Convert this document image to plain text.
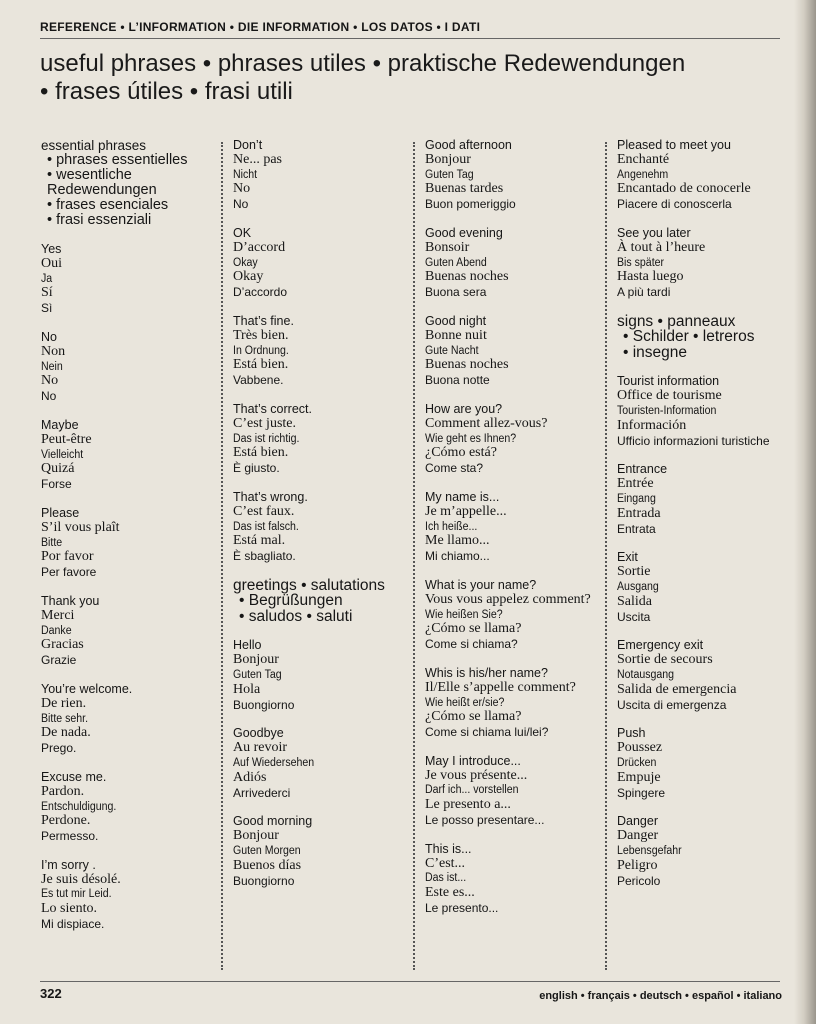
REFERENCE • L’INFORMATION • DIE INFORMATION • LOS DATOS • I DATI
useful phrases • phrases utiles • praktische Redewendungen
• frases útiles • frasi utili
essential phrases
• phrases essentielles
• wesentliche
Redewendungen
• frases esenciales
• frasi essenziali
Yes
Oui
Ja
Sí
Sì
No
Non
Nein
No
No
Maybe
Peut-être
Vielleicht
Quizá
Forse
Please
S’il vous plaît
Bitte
Por favor
Per favore
Thank you
Merci
Danke
Gracias
Grazie
You’re welcome.
De rien.
Bitte sehr.
De nada.
Prego.
Excuse me.
Pardon.
Entschuldigung.
Perdone.
Permesso.
I’m sorry .
Je suis désolé.
Es tut mir Leid.
Lo siento.
Mi dispiace.
Don’t
Ne... pas
Nicht
No
No
OK
D’accord
Okay
Okay
D’accordo
That’s fine.
Très bien.
In Ordnung.
Está bien.
Vabbene.
That’s correct.
C’est juste.
Das ist richtig.
Está bien.
È giusto.
That’s wrong.
C’est faux.
Das ist falsch.
Está mal.
È sbagliato.
greetings • salutations
• Begrüßungen
• saludos • saluti
Hello
Bonjour
Guten Tag
Hola
Buongiorno
Goodbye
Au revoir
Auf Wiedersehen
Adiós
Arrivederci
Good morning
Bonjour
Guten Morgen
Buenos días
Buongiorno
Good afternoon
Bonjour
Guten Tag
Buenas tardes
Buon pomeriggio
Good evening
Bonsoir
Guten Abend
Buenas noches
Buona sera
Good night
Bonne nuit
Gute Nacht
Buenas noches
Buona notte
How are you?
Comment allez-vous?
Wie geht es Ihnen?
¿Cómo está?
Come sta?
My name is...
Je m’appelle...
Ich heiße...
Me llamo...
Mi chiamo...
What is your name?
Vous vous appelez comment?
Wie heißen Sie?
¿Cómo se llama?
Come si chiama?
Whis is his/her name?
Il/Elle s’appelle comment?
Wie heißt er/sie?
¿Cómo se llama?
Come si chiama lui/lei?
May I introduce...
Je vous présente...
Darf ich... vorstellen
Le presento a...
Le posso presentare...
This is...
C’est...
Das ist...
Este es...
Le presento...
Pleased to meet you
Enchanté
Angenehm
Encantado de conocerle
Piacere di conoscerla
See you later
À tout à l’heure
Bis später
Hasta luego
A più tardi
signs • panneaux
• Schilder • letreros
• insegne
Tourist information
Office de tourisme
Touristen-Information
Información
Ufficio informazioni turistiche
Entrance
Entrée
Eingang
Entrada
Entrata
Exit
Sortie
Ausgang
Salida
Uscita
Emergency exit
Sortie de secours
Notausgang
Salida de emergencia
Uscita di emergenza
Push
Poussez
Drücken
Empuje
Spingere
Danger
Danger
Lebensgefahr
Peligro
Pericolo
322	english • français • deutsch • español • italiano
